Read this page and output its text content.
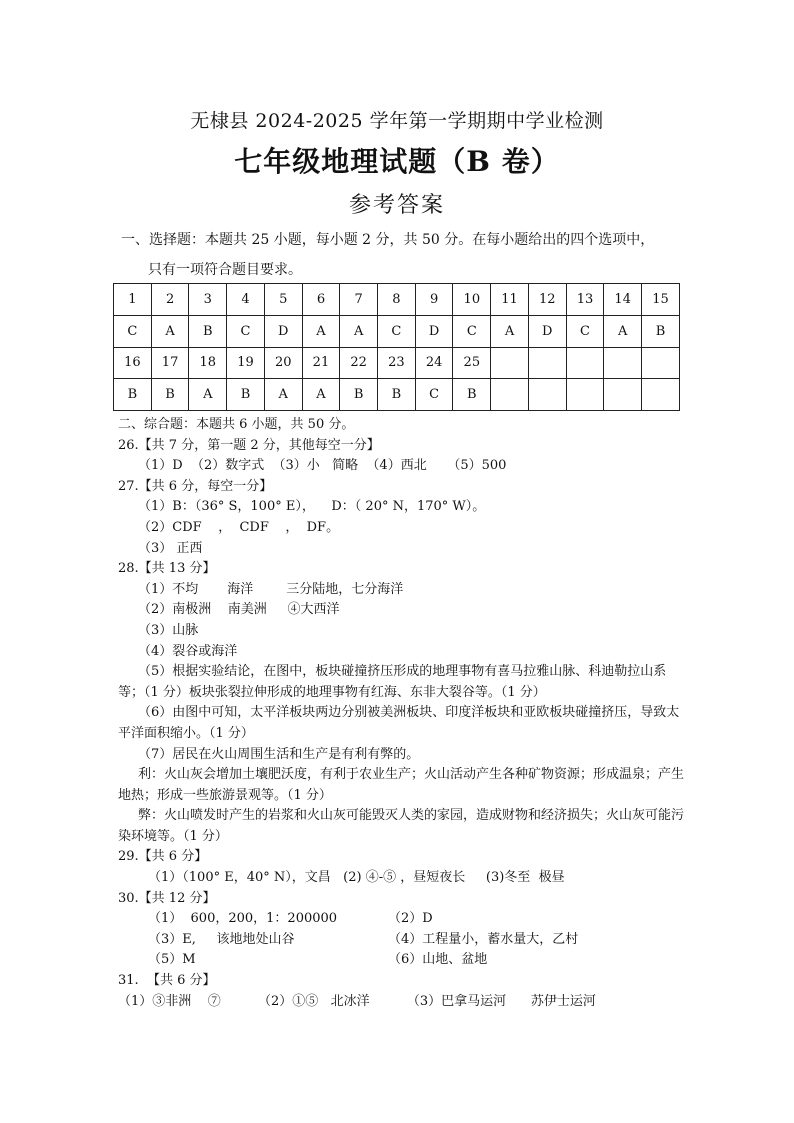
无棣县 2024-2025 学年第一学期期中学业检测
七年级地理试题（B 卷）
参考答案
一、选择题：本题共 25 小题，每小题 2 分，共 50 分。在每小题给出的四个选项中，
只有一项符合题目要求。
1	2	3	4	5	6	7	8	9	10	11	12	13	14	15
C	A	B	C	D	A	A	C	D	C	A	D	C	A	B
16	17	18	19	20	21	22	23	24	25					
B	B	A	B	A	A	B	B	C	B					
二、综合题：本题共 6 小题，共 50 分。
26.【共 7 分，第一题 2 分，其他每空一分】
（1）D  （2）数字式  （3）小   简略  （4）西北     （5）500
27.【共 6 分，每空一分】
（1）B：（36° S，100° E），    D：（ 20° N，170° W）。
（2）CDF    ，  CDF    ，  DF。
（3） 正西
28.【共 13 分】
（1）不均       海洋        三分陆地，七分海洋
（2）南极洲    南美洲     ④大西洋
（3）山脉
（4）裂谷或海洋
（5）根据实验结论，在图中，板块碰撞挤压形成的地理事物有喜马拉雅山脉、科迪勒拉山系等；（1 分）板块张裂拉伸形成的地理事物有红海、东非大裂谷等。（1 分）
（6）由图中可知，太平洋板块两边分别被美洲板块、印度洋板块和亚欧板块碰撞挤压，导致太平洋面积缩小。（1 分）
（7）居民在火山周围生活和生产是有利有弊的。
利：火山灰会增加土壤肥沃度，有利于农业生产；火山活动产生各种矿物资源；形成温泉；产生地热；形成一些旅游景观等。（1 分）
弊：火山喷发时产生的岩浆和火山灰可能毁灭人类的家园，造成财物和经济损失；火山灰可能污染环境等。（1 分）
29.【共 6 分】
（1）（100° E，40° N），文昌   (2) ④-⑤ ，昼短夜长     (3)冬至  极昼
30.【共 12 分】
（1）  600，200，1：200000	（2）D
（3）E,     该地地处山谷	（4）工程量小，蓄水量大，乙村
（5）M	（6）山地、盆地
31.  【共 6 分】
（1）③非洲    ⑦         （2）①⑤   北冰洋         （3）巴拿马运河      苏伊士运河
